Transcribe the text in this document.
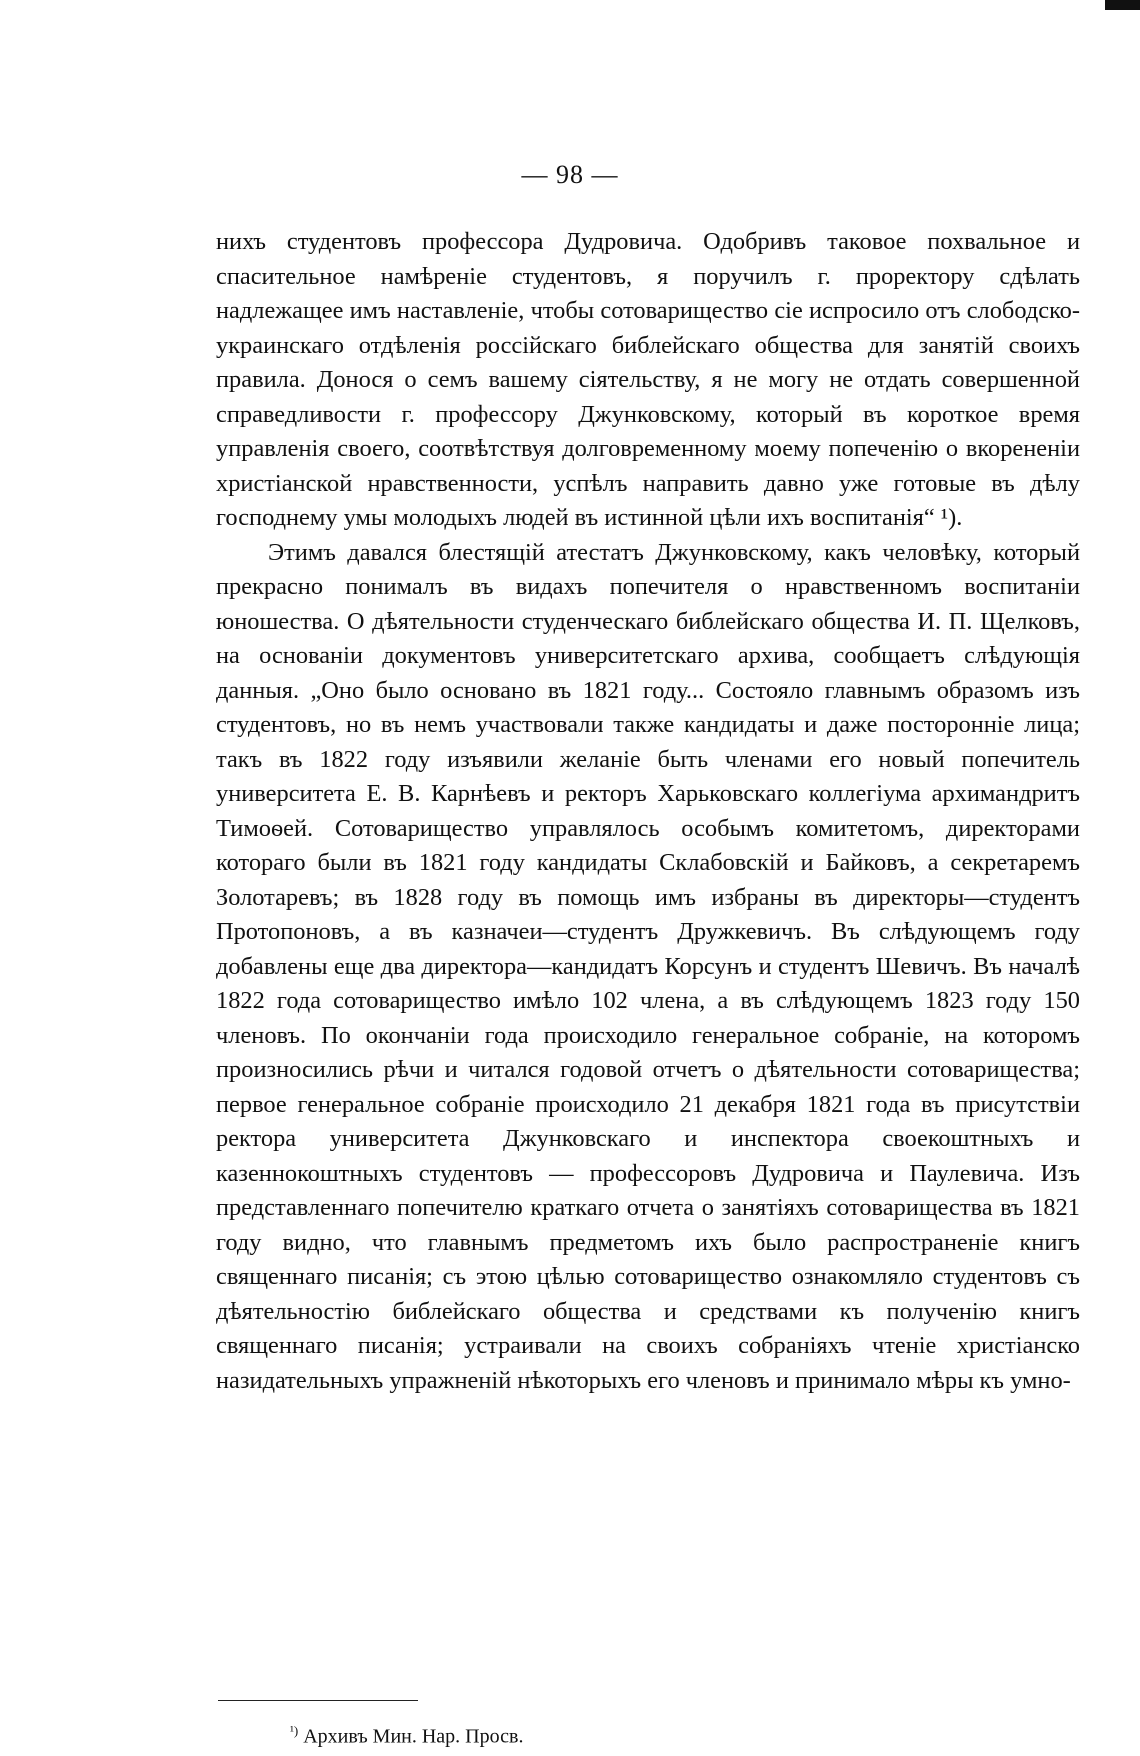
— 98 —

нихъ студентовъ профессора Дудровича. Одобривъ таковое похвальное и спасительное намѣреніе студентовъ, я поручилъ г. проректору сдѣлать надлежащее имъ наставленіе, чтобы сотоварищество сіе испросило отъ слободско-украинскаго отдѣленія россійскаго библейскаго общества для занятій своихъ правила. Донося о семъ вашему сіятельству, я не могу не отдать совершенной справедливости г. профессору Джунковскому, который въ короткое время управленія своего, соотвѣтствуя долговременному моему попеченію о вкорененіи христіанской нравственности, успѣлъ направить давно уже готовые въ дѣлу господнему умы молодыхъ людей въ истинной цѣли ихъ воспитанія“ ¹).

Этимъ давался блестящій атестатъ Джунковскому, какъ человѣку, который прекрасно понималъ въ видахъ попечителя о нравственномъ воспитаніи юношества. О дѣятельности студенческаго библейскаго общества И. П. Щелковъ, на основаніи документовъ университетскаго архива, сообщаетъ слѣдующія данныя. „Оно было основано въ 1821 году... Состояло главнымъ образомъ изъ студентовъ, но въ немъ участвовали также кандидаты и даже посторонніе лица; такъ въ 1822 году изъявили желаніе быть членами его новый попечитель университета Е. В. Карнѣевъ и ректоръ Харьковскаго коллегіума архимандритъ Тимоѳей. Сотоварищество управлялось особымъ комитетомъ, директорами котораго были въ 1821 году кандидаты Склабовскій и Байковъ, а секретаремъ Золотаревъ; въ 1828 году въ помощь имъ избраны въ директоры—студентъ Протопоновъ, а въ казначеи—студентъ Дружкевичъ. Въ слѣдующемъ году добавлены еще два директора—кандидатъ Корсунъ и студентъ Шевичъ. Въ началѣ 1822 года сотоварищество имѣло 102 члена, а въ слѣдующемъ 1823 году 150 членовъ. По окончаніи года происходило генеральное собраніе, на которомъ произносились рѣчи и читался годовой отчетъ о дѣятельности сотоварищества; первое генеральное собраніе происходило 21 декабря 1821 года въ присутствіи ректора университета Джунковскаго и инспектора своекоштныхъ и казеннокоштныхъ студентовъ — профессоровъ Дудровича и Паулевича. Изъ представленнаго попечителю краткаго отчета о занятіяхъ сотоварищества въ 1821 году видно, что главнымъ предметомъ ихъ было распространеніе книгъ священнаго писанія; съ этою цѣлью сотоварищество ознакомляло студентовъ съ дѣятельностію библейскаго общества и средствами къ полученію книгъ священнаго писанія; устраивали на своихъ собраніяхъ чтеніе христіанско назидательныхъ упражненій нѣкоторыхъ его членовъ и принимало мѣры къ умно-

$^{^1)}$ Архивъ Мин. Нар. Просв.
